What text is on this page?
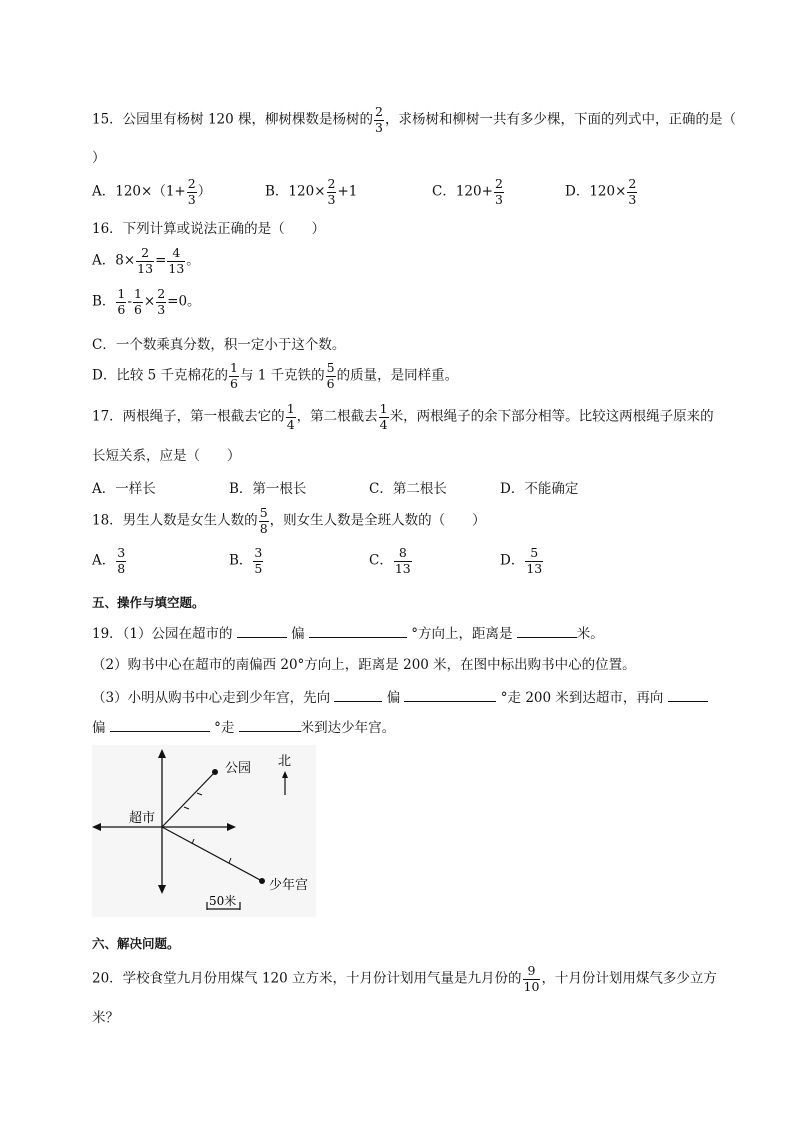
15．公园里有杨树 120 棵，柳树棵数是杨树的 $\frac{2}{3}$ ，求杨树和柳树一共有多少棵，下面的列式中，正确的是（
）
A．$120\times(1+ \frac{2}{3}$ ）	B．$120\times \frac{2}{3} +1$	C．$120+ \frac{2}{3}$	D．$120\times \frac{2}{3}$
16．下列计算或说法正确的是（　　）
A．$8\times \frac{2}{13} = \frac{4}{13}$ 。
B． $\frac{1}{6} - \frac{1}{6} \times \frac{2}{3} =0$。
C．一个数乘真分数，积一定小于这个数。
D．比较 5 千克棉花的 $\frac{1}{6}$ 与 1 千克铁的 $\frac{5}{6}$ 的质量，是同样重。
17．两根绳子，第一根截去它的 $\frac{1}{4}$ ，第二根截去 $\frac{1}{4}$ 米，两根绳子的余下部分相等。比较这两根绳子原来的
长短关系，应是（　　）
A．一样长	B．第一根长	C．第二根长	D．不能确定
18．男生人数是女生人数的 $\frac{5}{8}$ ，则女生人数是全班人数的（　　）
A． $\frac{3}{8}$	B． $\frac{3}{5}$	C． $\frac{8}{13}$	D． $\frac{5}{13}$
五、操作与填空题。
19．（1）公园在超市的	偏	°方向上，距离是	米。
（2）购书中心在超市的南偏西 20°方向上，距离是 200 米，在图中标出购书中心的位置。
（3）小明从购书中心走到少年宫，先向	偏	°走 200 米到达超市，再向
偏	°走	米到达少年宫。
公园 北
超市
少年宫
50米
六、解决问题。
20．学校食堂九月份用煤气 120 立方米，十月份计划用气量是九月份的 $\frac{9}{10}$ ，十月份计划用煤气多少立方
米？
